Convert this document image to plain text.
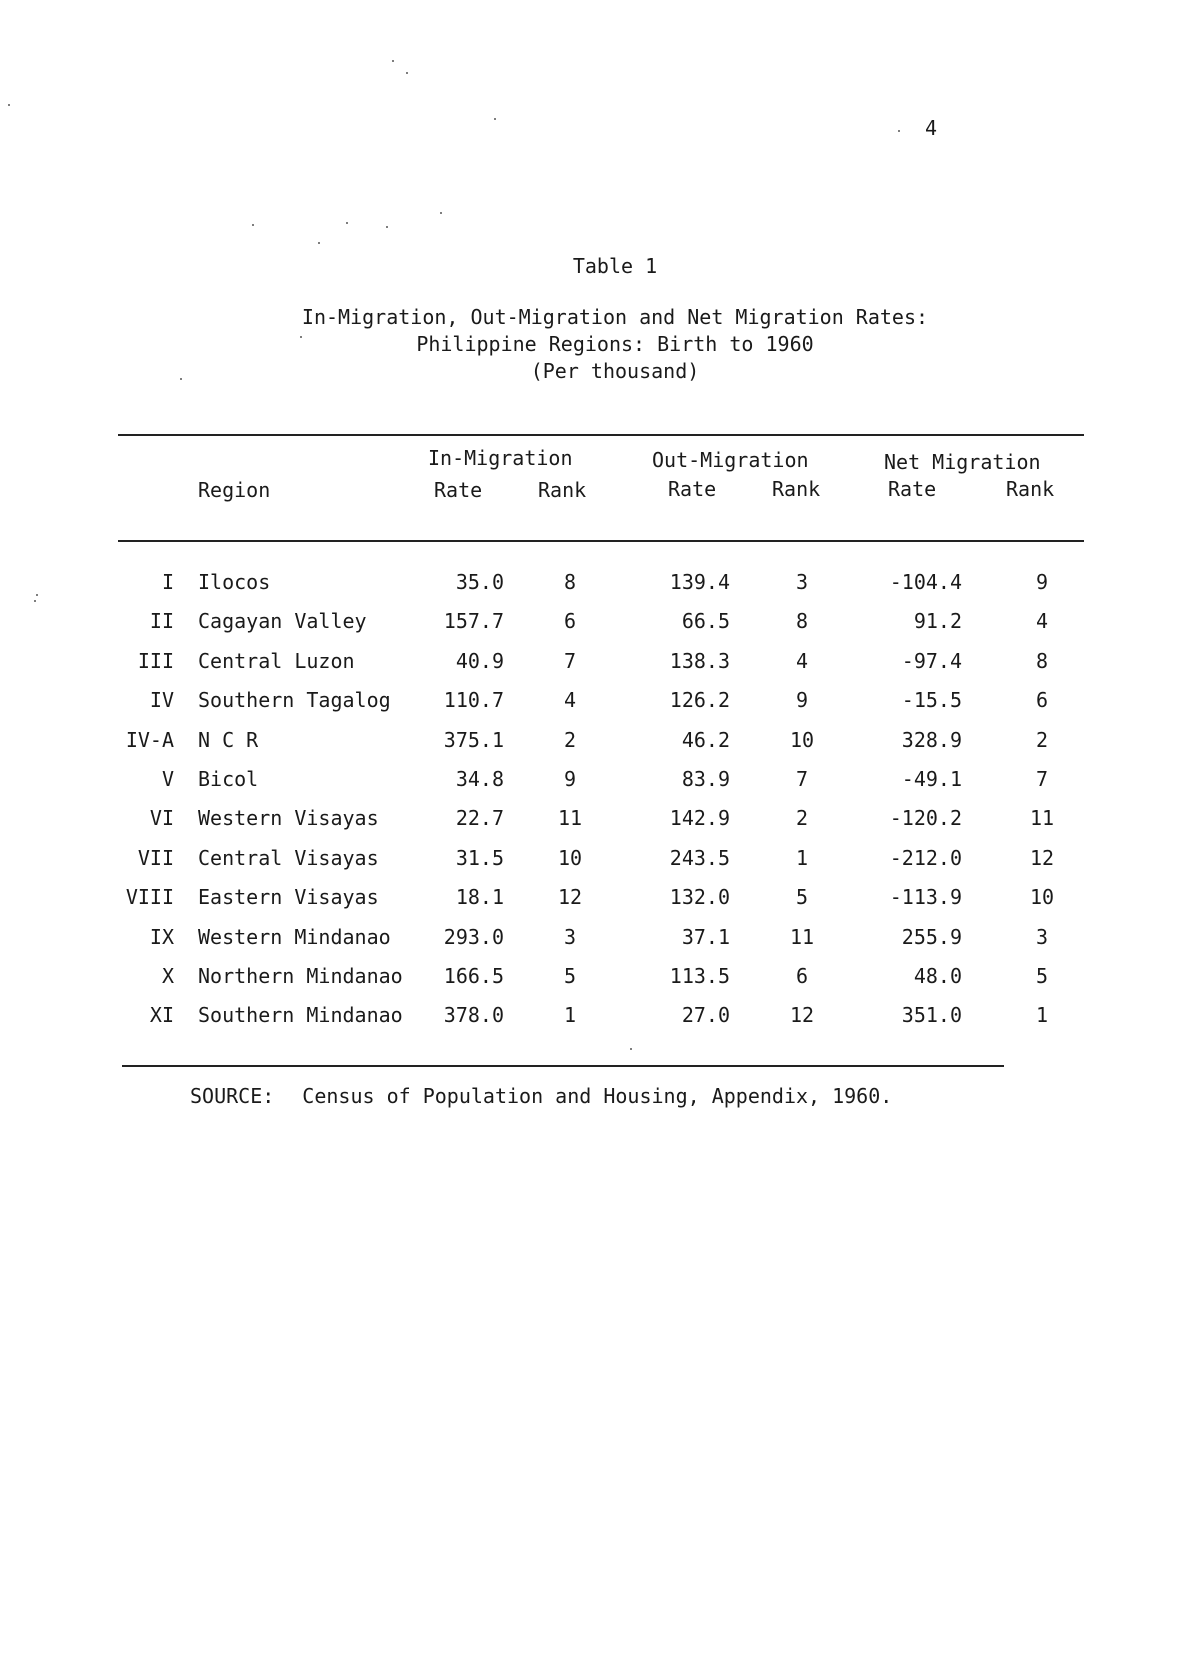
4
Table 1
In-Migration, Out-Migration and Net Migration Rates:
Philippine Regions: Birth to 1960
(Per thousand)
In-Migration	Out-Migration	Net Migration
Region	Rate	Rank	Rate	Rank	Rate	Rank
I Ilocos	35.0	8	139.4	3	-104.4	9
II Cagayan Valley	157.7	6	66.5	8	91.2	4
III Central Luzon	40.9	7	138.3	4	-97.4	8
IV Southern Tagalog	110.7	4	126.2	9	-15.5	6
IV-A N C R	375.1	2	46.2	10	328.9	2
V Bicol	34.8	9	83.9	7	-49.1	7
VI Western Visayas	22.7	11	142.9	2	-120.2	11
VII Central Visayas	31.5	10	243.5	1	-212.0	12
VIII Eastern Visayas	18.1	12	132.0	5	-113.9	10
IX Western Mindanao	293.0	3	37.1	11	255.9	3
X Northern Mindanao	166.5	5	113.5	6	48.0	5
XI Southern Mindanao	378.0	1	27.0	12	351.0	1
SOURCE: Census of Population and Housing, Appendix, 1960.
